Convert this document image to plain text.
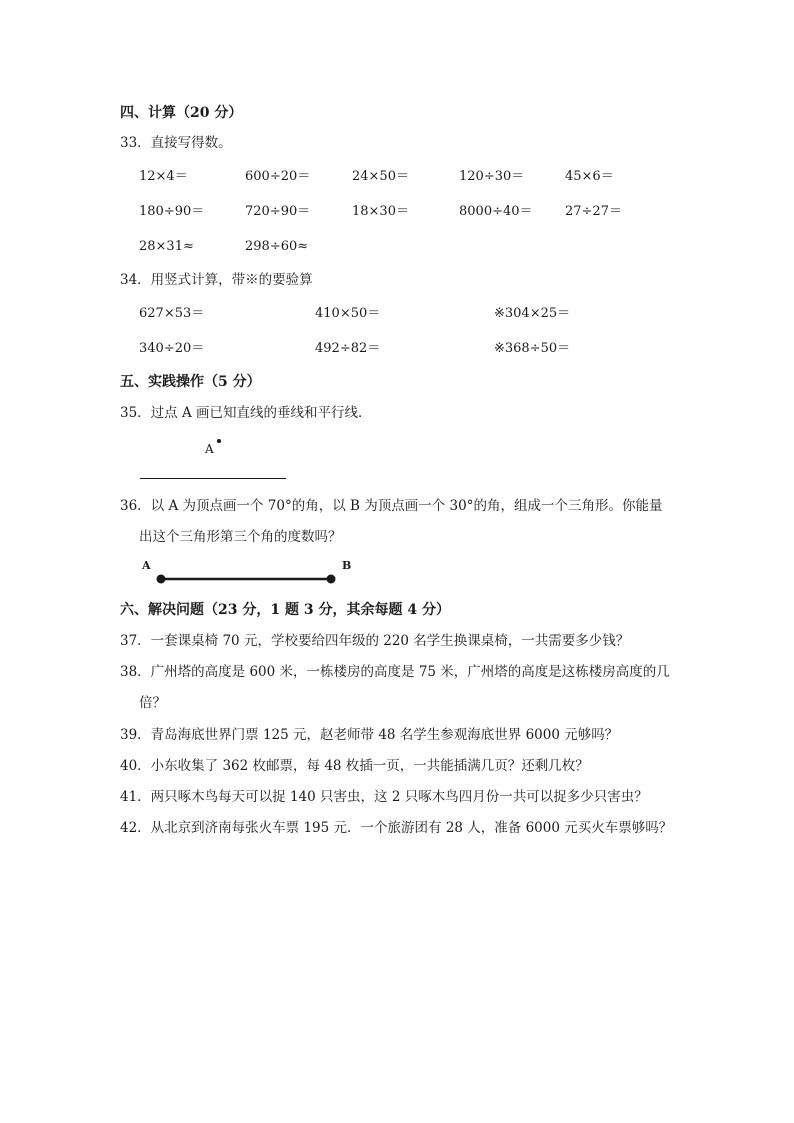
四、计算（20 分）
33．直接写得数。
12×4＝	600÷20＝	24×50＝	120÷30＝	45×6＝
180÷90＝	720÷90＝	18×30＝	8000÷40＝ 27÷27＝
28×31≈	298÷60≈
34．用竖式计算，带※的要验算
627×53＝	410×50＝	※304×25＝
340÷20＝	492÷82＝	※368÷50＝
五、实践操作（5 分）
35．过点 A 画已知直线的垂线和平行线．
A
36．以 A 为顶点画一个 70°的角，以 B 为顶点画一个 30°的角，组成一个三角形。你能量
出这个三角形第三个角的度数吗？
A	B
六、解决问题（23 分，1 题 3 分，其余每题 4 分）
37．一套课桌椅 70 元，学校要给四年级的 220 名学生换课桌椅，一共需要多少钱？
38．广州塔的高度是 600 米，一栋楼房的高度是 75 米，广州塔的高度是这栋楼房高度的几
倍？
39．青岛海底世界门票 125 元，赵老师带 48 名学生参观海底世界 6000 元够吗？
40．小东收集了 362 枚邮票，每 48 枚插一页，一共能插满几页？还剩几枚？
41．两只啄木鸟每天可以捉 140 只害虫，这 2 只啄木鸟四月份一共可以捉多少只害虫？
42．从北京到济南每张火车票 195 元．一个旅游团有 28 人，准备 6000 元买火车票够吗？
